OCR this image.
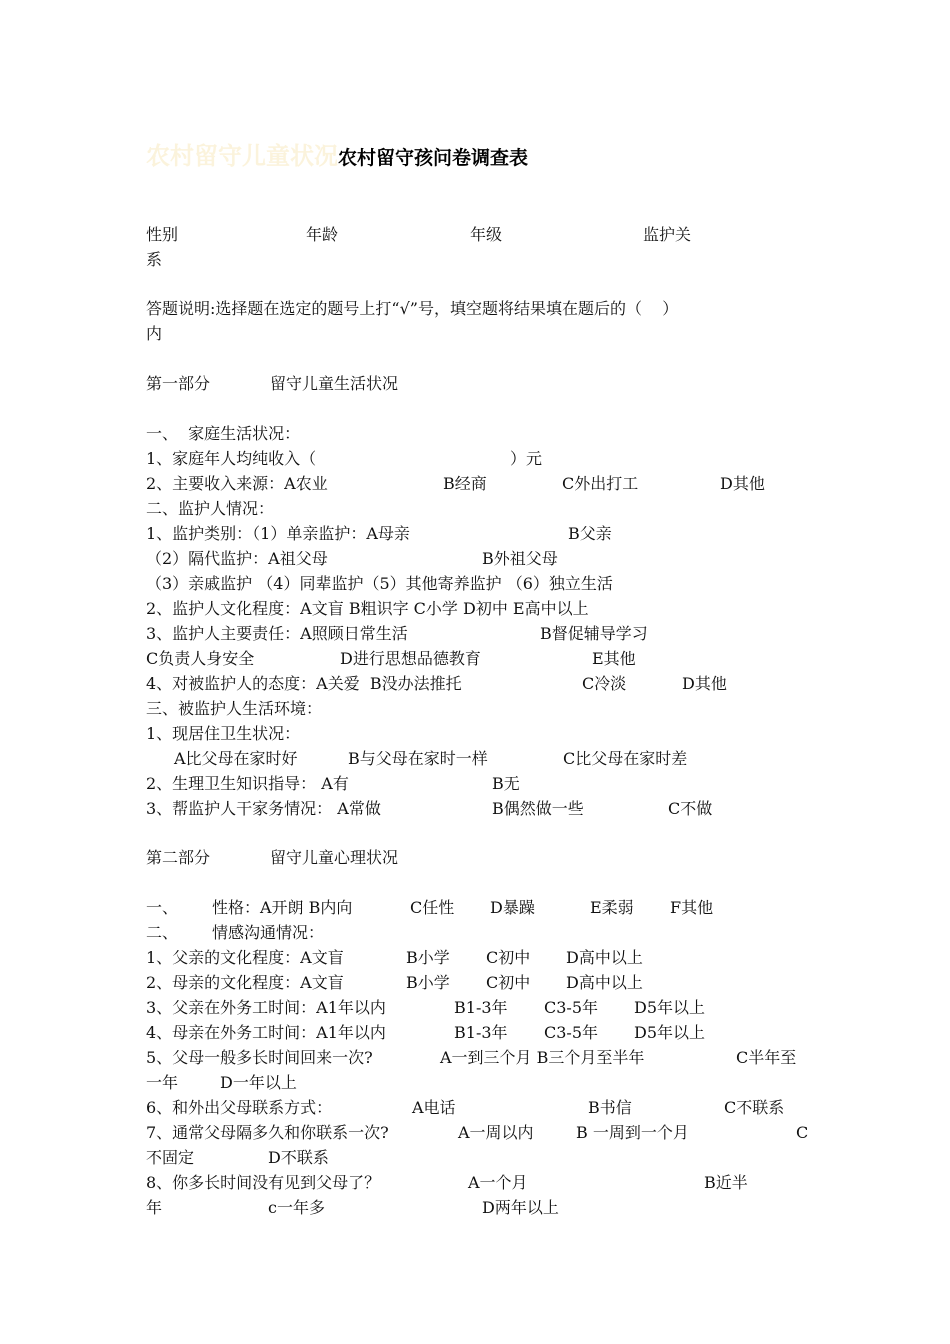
农村留守儿童状况农村留守孩问卷调查表
性别	年龄	年级	监护关
系
答题说明:选择题在选定的题号上打“√”号，填空题将结果填在题后的（    ）
内
第一部分	留守儿童生活状况
一、  家庭生活状况：
1、家庭年人均纯收入（	）元
2、主要收入来源：A农业	B经商	C外出打工	D其他
二、监护人情况：
1、监护类别：（1）单亲监护：A母亲	B父亲
（2）隔代监护：A祖父母	B外祖父母
（3）亲戚监护 （4）同辈监护（5）其他寄养监护 （6）独立生活
2、监护人文化程度：A文盲 B粗识字 C小学 D初中 E高中以上
3、监护人主要责任：A照顾日常生活	B督促辅导学习
C负责人身安全	D进行思想品德教育	E其他
4、对被监护人的态度：A关爱  B没办法推托	C冷淡	D其他
三、被监护人生活环境：
1、现居住卫生状况：
A比父母在家时好	B与父母在家时一样	C比父母在家时差
2、生理卫生知识指导： A有	B无
3、帮监护人干家务情况： A常做	B偶然做一些	C不做
第二部分	留守儿童心理状况
一、 性格：A开朗 B内向	C任性 D暴躁	E柔弱 F其他
二、 情感沟通情况：
1、父亲的文化程度：A文盲	B小学 C初中 D高中以上
2、母亲的文化程度：A文盲	B小学 C初中 D高中以上
3、父亲在外务工时间：A1年以内	B1-3年 C3-5年 D5年以上
4、母亲在外务工时间：A1年以内	B1-3年 C3-5年 D5年以上
5、父母一般多长时间回来一次?	A一到三个月 B三个月至半年	C半年至
一年	D一年以上
6、和外出父母联系方式：	A电话	B书信	C不联系
7、通常父母隔多久和你联系一次?	A一周以内	B 一周到一个月	C
不固定	D不联系
8、你多长时间没有见到父母了？	A一个月	B近半
年	c一年多	D两年以上
